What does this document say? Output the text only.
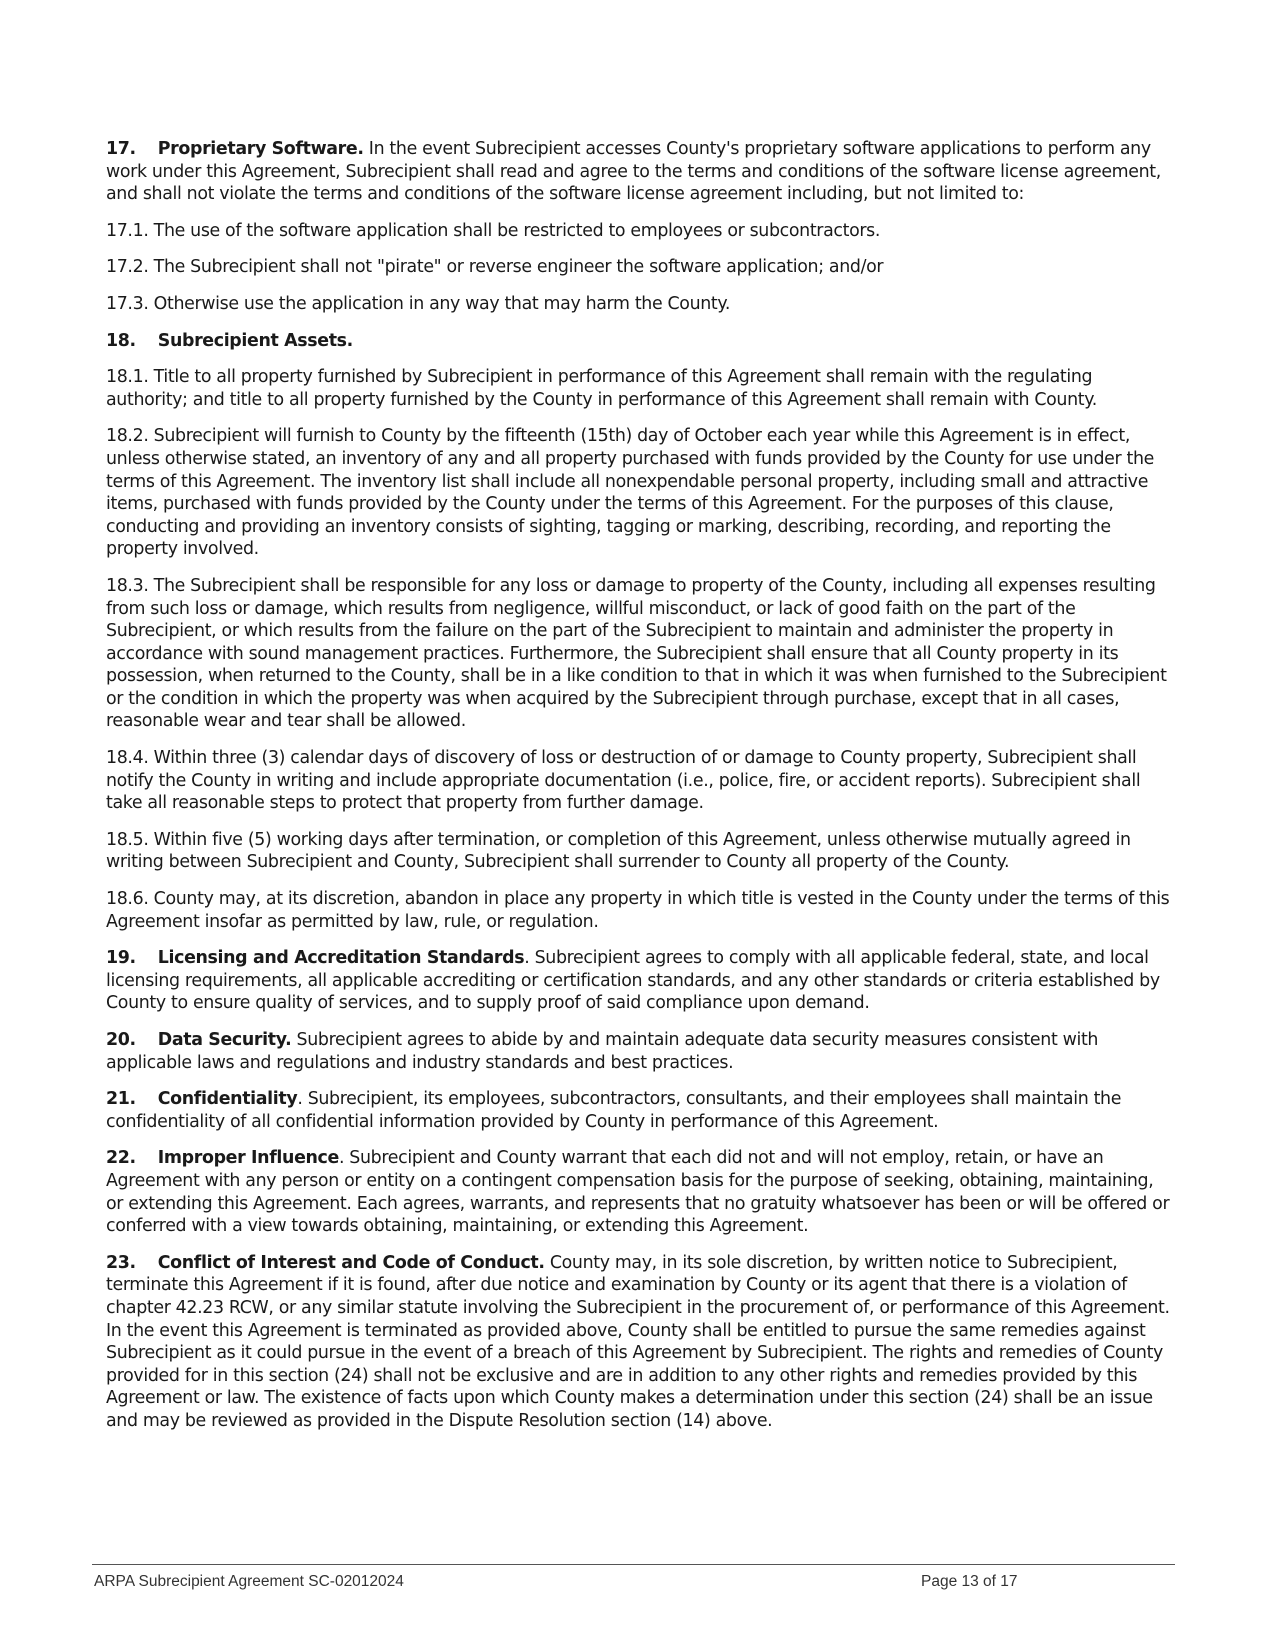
17. Proprietary Software. In the event Subrecipient accesses County's proprietary software applications to perform any work under this Agreement, Subrecipient shall read and agree to the terms and conditions of the software license agreement, and shall not violate the terms and conditions of the software license agreement including, but not limited to:

17.1. The use of the software application shall be restricted to employees or subcontractors.

17.2. The Subrecipient shall not "pirate" or reverse engineer the software application; and/or

17.3. Otherwise use the application in any way that may harm the County.

18. Subrecipient Assets.

18.1. Title to all property furnished by Subrecipient in performance of this Agreement shall remain with the regulating authority; and title to all property furnished by the County in performance of this Agreement shall remain with County.

18.2. Subrecipient will furnish to County by the fifteenth (15th) day of October each year while this Agreement is in effect, unless otherwise stated, an inventory of any and all property purchased with funds provided by the County for use under the terms of this Agreement. The inventory list shall include all nonexpendable personal property, including small and attractive items, purchased with funds provided by the County under the terms of this Agreement. For the purposes of this clause, conducting and providing an inventory consists of sighting, tagging or marking, describing, recording, and reporting the property involved.

18.3. The Subrecipient shall be responsible for any loss or damage to property of the County, including all expenses resulting from such loss or damage, which results from negligence, willful misconduct, or lack of good faith on the part of the Subrecipient, or which results from the failure on the part of the Subrecipient to maintain and administer the property in accordance with sound management practices. Furthermore, the Subrecipient shall ensure that all County property in its possession, when returned to the County, shall be in a like condition to that in which it was when furnished to the Subrecipient or the condition in which the property was when acquired by the Subrecipient through purchase, except that in all cases, reasonable wear and tear shall be allowed.

18.4. Within three (3) calendar days of discovery of loss or destruction of or damage to County property, Subrecipient shall notify the County in writing and include appropriate documentation (i.e., police, fire, or accident reports). Subrecipient shall take all reasonable steps to protect that property from further damage.

18.5. Within five (5) working days after termination, or completion of this Agreement, unless otherwise mutually agreed in writing between Subrecipient and County, Subrecipient shall surrender to County all property of the County.

18.6. County may, at its discretion, abandon in place any property in which title is vested in the County under the terms of this Agreement insofar as permitted by law, rule, or regulation.

19. Licensing and Accreditation Standards. Subrecipient agrees to comply with all applicable federal, state, and local licensing requirements, all applicable accrediting or certification standards, and any other standards or criteria established by County to ensure quality of services, and to supply proof of said compliance upon demand.

20. Data Security. Subrecipient agrees to abide by and maintain adequate data security measures consistent with applicable laws and regulations and industry standards and best practices.

21. Confidentiality. Subrecipient, its employees, subcontractors, consultants, and their employees shall maintain the confidentiality of all confidential information provided by County in performance of this Agreement.

22. Improper Influence. Subrecipient and County warrant that each did not and will not employ, retain, or have an Agreement with any person or entity on a contingent compensation basis for the purpose of seeking, obtaining, maintaining, or extending this Agreement. Each agrees, warrants, and represents that no gratuity whatsoever has been or will be offered or conferred with a view towards obtaining, maintaining, or extending this Agreement.

23. Conflict of Interest and Code of Conduct. County may, in its sole discretion, by written notice to Subrecipient, terminate this Agreement if it is found, after due notice and examination by County or its agent that there is a violation of chapter 42.23 RCW, or any similar statute involving the Subrecipient in the procurement of, or performance of this Agreement. In the event this Agreement is terminated as provided above, County shall be entitled to pursue the same remedies against Subrecipient as it could pursue in the event of a breach of this Agreement by Subrecipient. The rights and remedies of County provided for in this section (24) shall not be exclusive and are in addition to any other rights and remedies provided by this Agreement or law. The existence of facts upon which County makes a determination under this section (24) shall be an issue and may be reviewed as provided in the Dispute Resolution section (14) above.

ARPA Subrecipient Agreement SC-02012024	Page 13 of 17
